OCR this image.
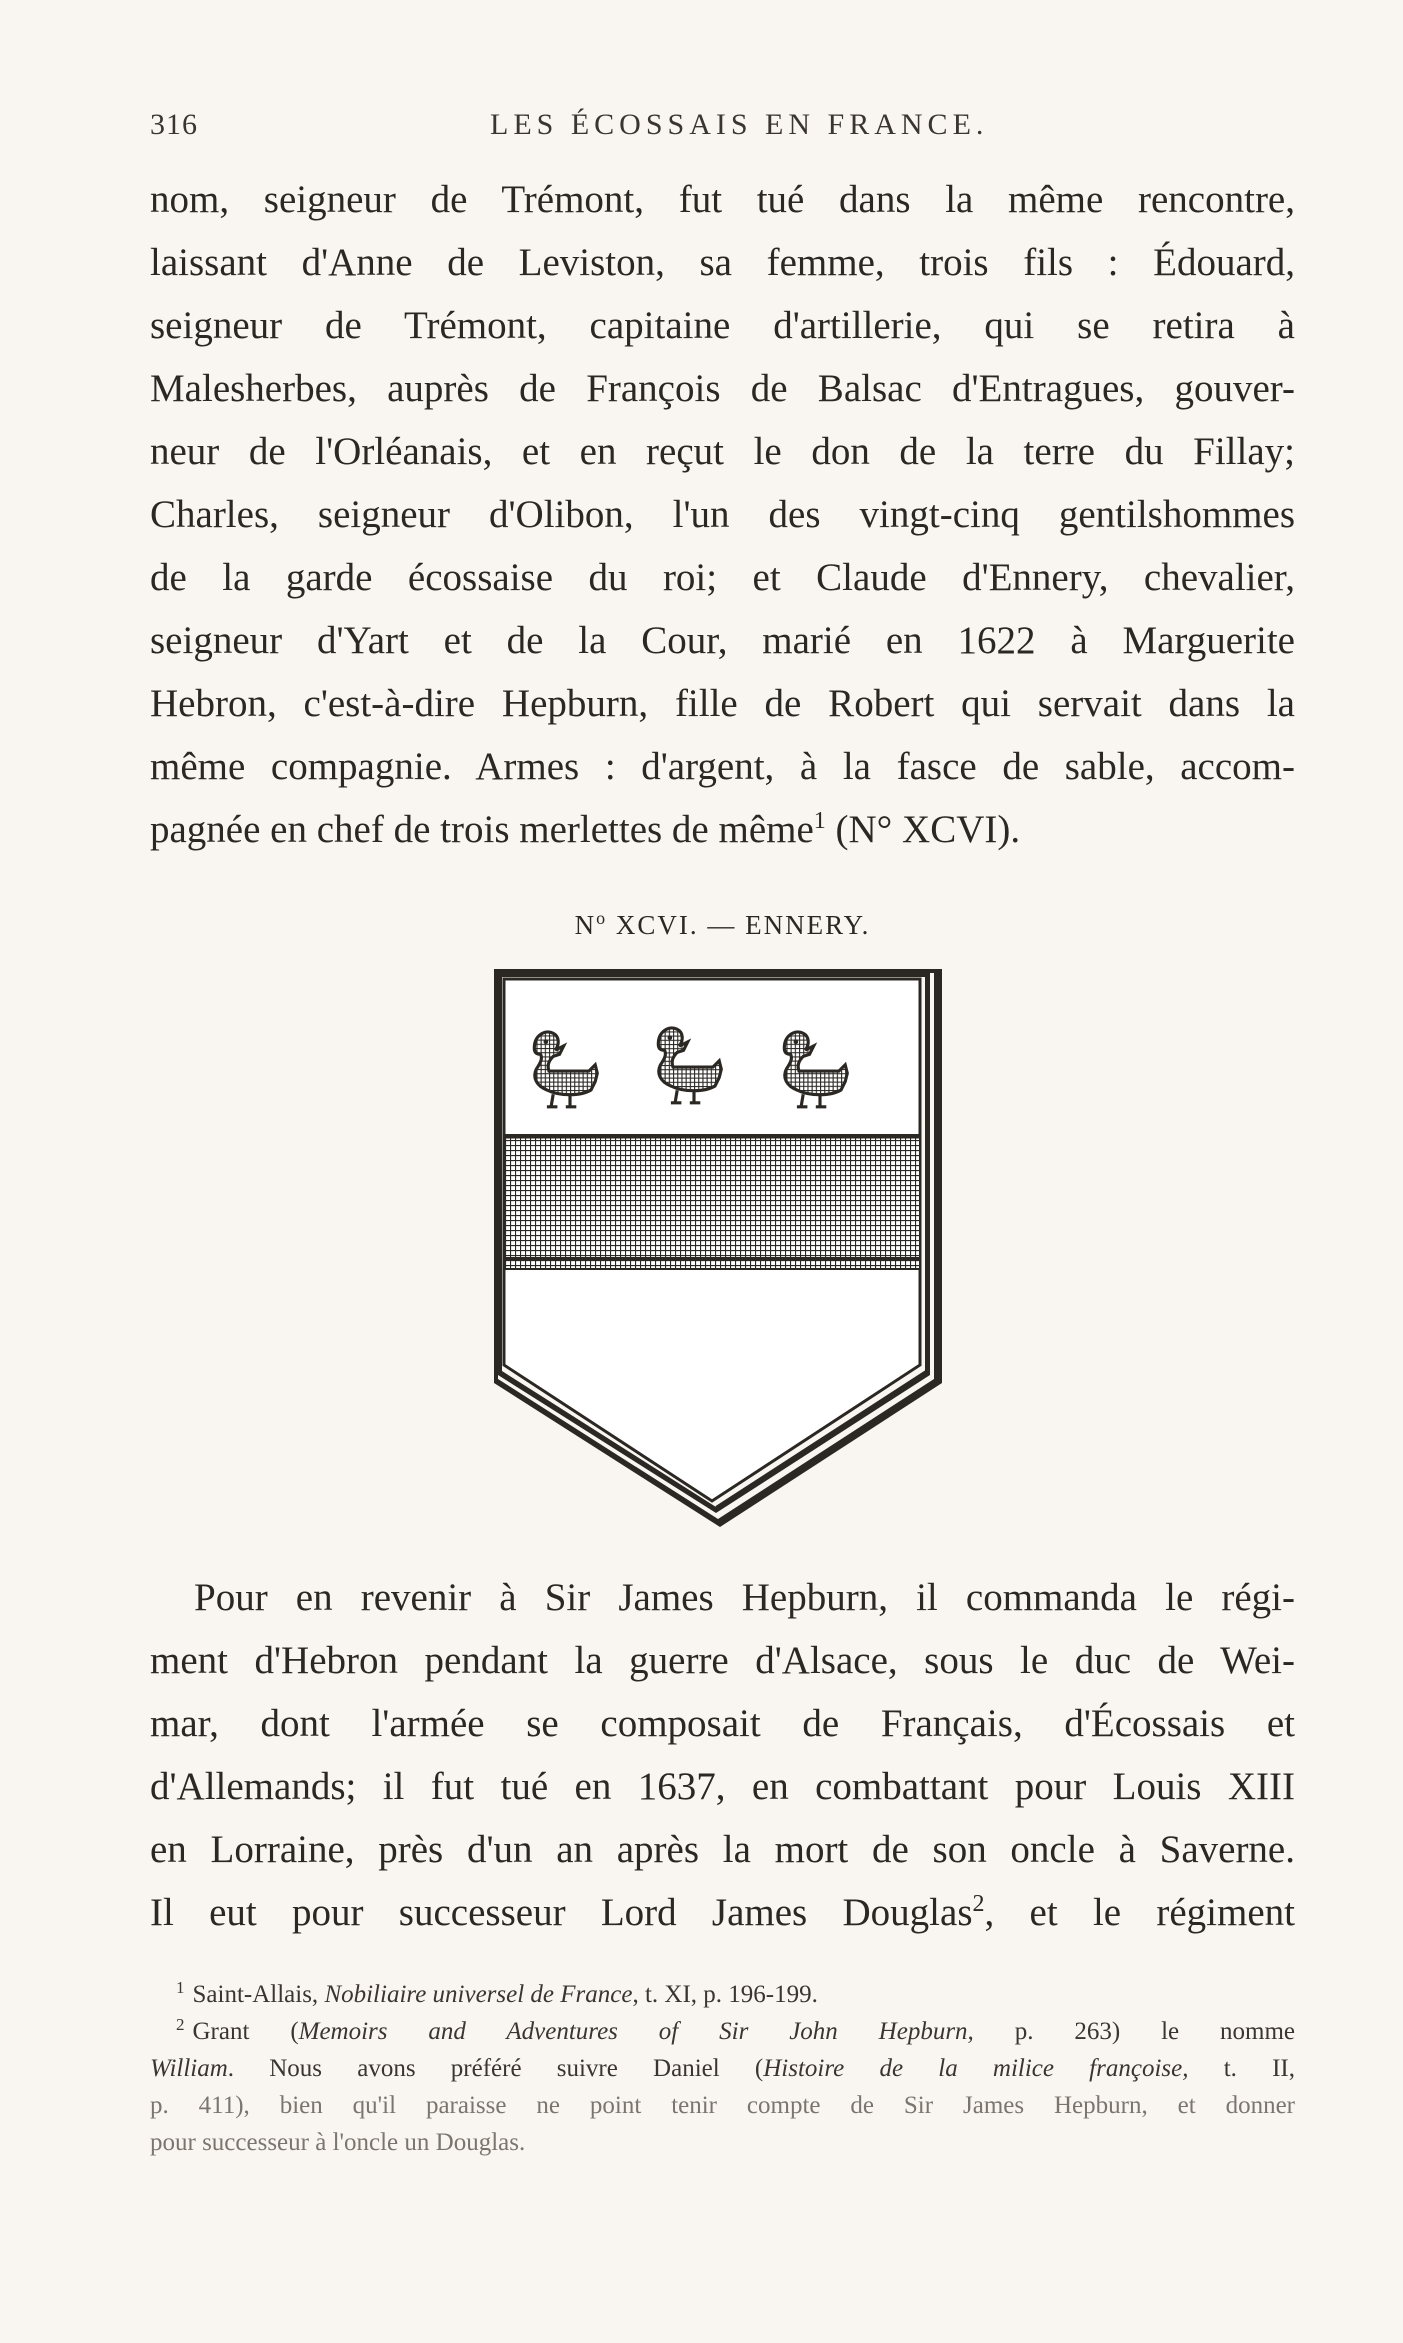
316	LES ÉCOSSAIS EN FRANCE.
nom, seigneur de Trémont, fut tué dans la même rencontre,
laissant d'Anne de Leviston, sa femme, trois fils : Édouard,
seigneur de Trémont, capitaine d'artillerie, qui se retira à
Malesherbes, auprès de François de Balsac d'Entragues, gouver-
neur de l'Orléanais, et en reçut le don de la terre du Fillay;
Charles, seigneur d'Olibon, l'un des vingt-cinq gentilshommes
de la garde écossaise du roi; et Claude d'Ennery, chevalier,
seigneur d'Yart et de la Cour, marié en 1622 à Marguerite
Hebron, c'est-à-dire Hepburn, fille de Robert qui servait dans la
même compagnie. Armes : d'argent, à la fasce de sable, accom-
pagnée en chef de trois merlettes de même$^1$ (N° XCVI).
$N^o$ XCVI. — ENNERY.
Pour en revenir à Sir James Hepburn, il commanda le régi-
ment d'Hebron pendant la guerre d'Alsace, sous le duc de Wei-
mar, dont l'armée se composait de Français, d'Écossais et
d'Allemands; il fut tué en 1637, en combattant pour Louis XIII
en Lorraine, près d'un an après la mort de son oncle à Saverne.
Il eut pour successeur Lord James Douglas$^2$, et le régiment
$^1$ Saint-Allais, Nobiliaire universel de France, t. XI, p. 196-199.
$^2$ Grant (Memoirs and Adventures of Sir John Hepburn, p. 263) le nomme
William. Nous avons préféré suivre Daniel (Histoire de la milice françoise, t. II,
p. 411), bien qu'il paraisse ne point tenir compte de Sir James Hepburn, et donner
pour successeur à l'oncle un Douglas.
